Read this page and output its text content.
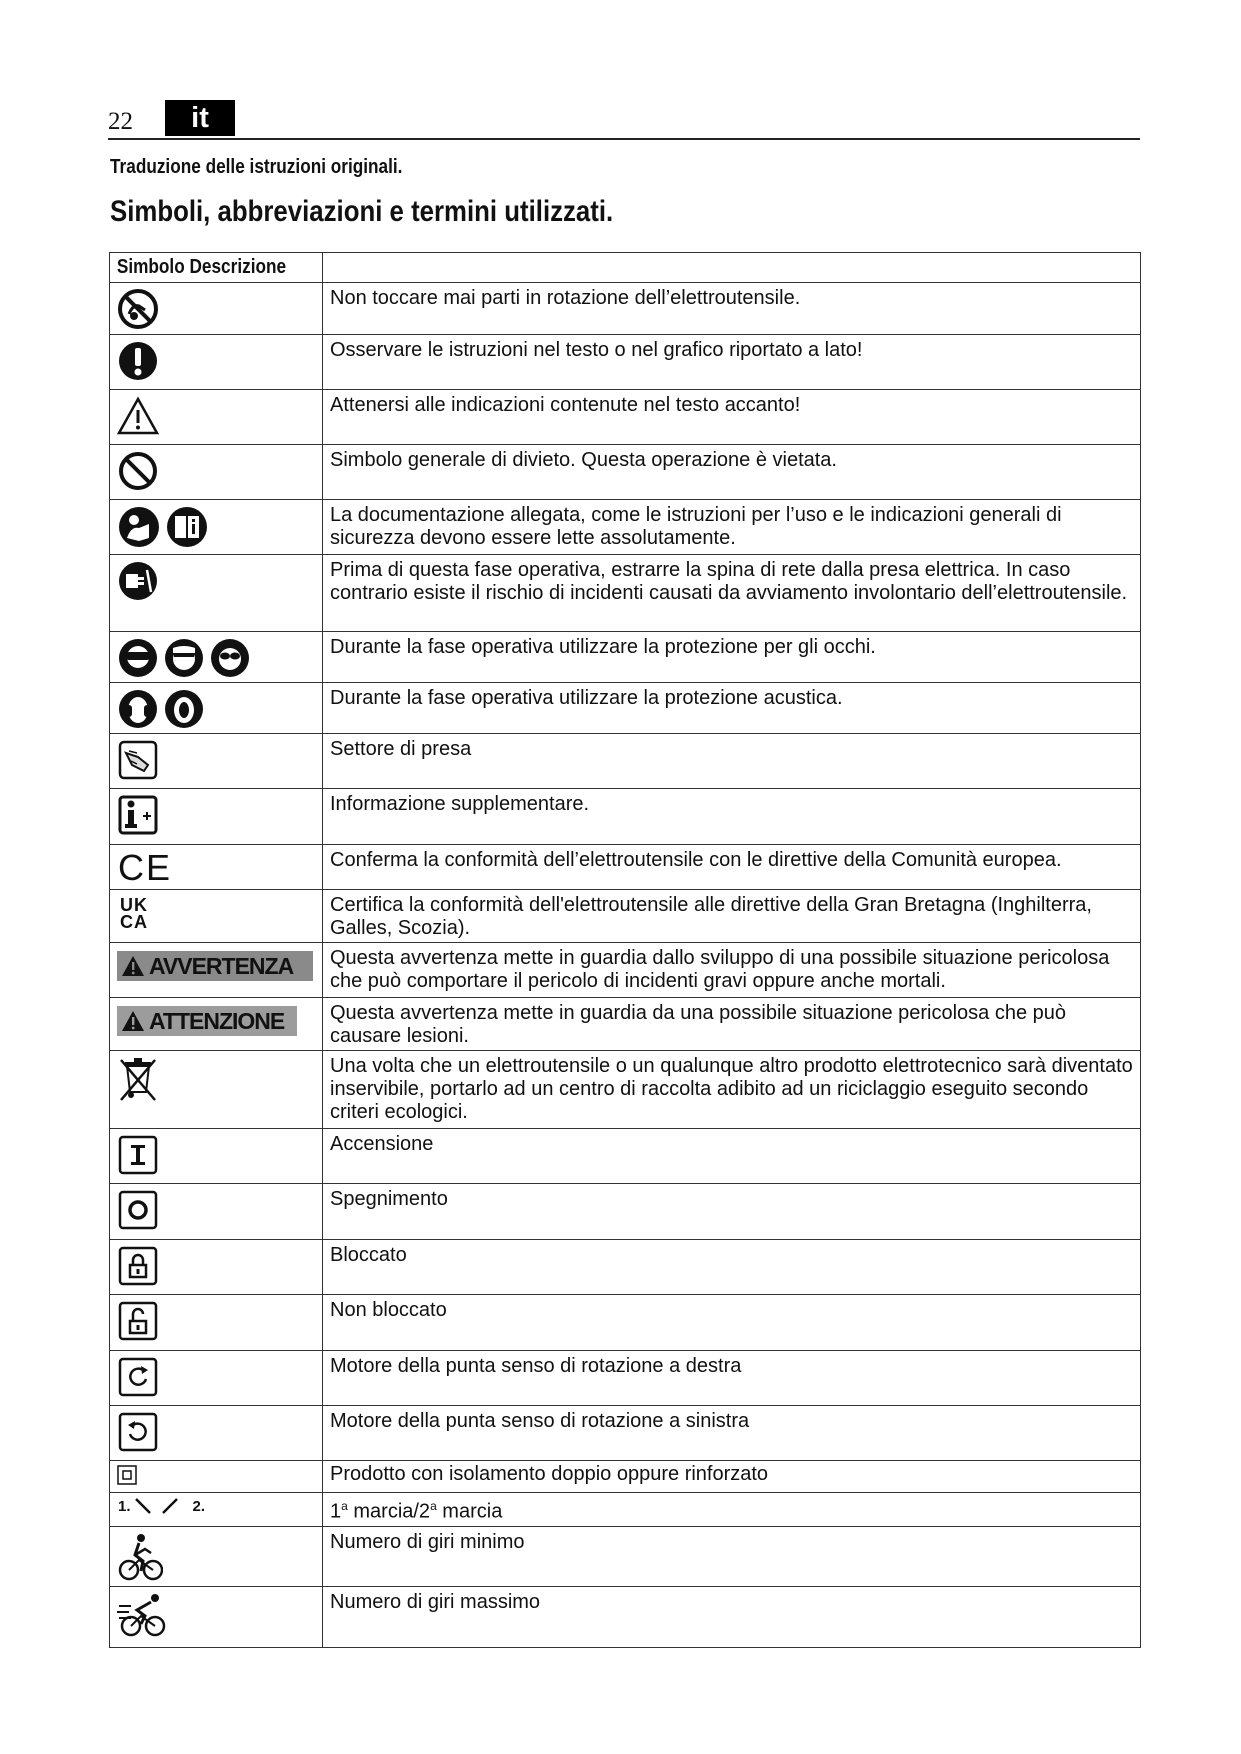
22	it
Traduzione delle istruzioni originali.
Simboli, abbreviazioni e termini utilizzati.
Simbolo Descrizione	

	Non toccare mai parti in rotazione dell’elettroutensile.

	Osservare le istruzioni nel testo o nel grafico riportato a lato!

	Attenersi alle indicazioni contenute nel testo accanto!

	Simbolo generale di divieto. Questa operazione è vietata.

	La documentazione allegata, come le istruzioni per l’uso e le indicazioni generali di sicurezza devono essere lette assolutamente.

	Prima di questa fase operativa, estrarre la spina di rete dalla presa elettrica. In caso contrario esiste il rischio di incidenti causati da avviamento involontario dell’elettroutensile.

	Durante la fase operativa utilizzare la protezione per gli occhi.

	Durante la fase operativa utilizzare la protezione acustica.

	Settore di presa

	Informazione supplementare.

CE	Conferma la conformità dell’elettroutensile con le direttive della Comunità europea.

UK
CA	Certifica la conformità dell'elettroutensile alle direttive della Gran Bretagna (Inghilterra, Galles, Scozia).

AVVERTENZA	Questa avvertenza mette in guardia dallo sviluppo di una possibile situazione pericolosa che può comportare il pericolo di incidenti gravi oppure anche mortali.

ATTENZIONE	Questa avvertenza mette in guardia da una possibile situazione pericolosa che può causare lesioni.

	Una volta che un elettroutensile o un qualunque altro prodotto elettrotecnico sarà diventato inservibile, portarlo ad un centro di raccolta adibito ad un riciclaggio eseguito secondo criteri ecologici.

	Accensione

	Spegnimento

	Bloccato

	Non bloccato

	Motore della punta senso di rotazione a destra

	Motore della punta senso di rotazione a sinistra

	Prodotto con isolamento doppio oppure rinforzato

1. 2.	1$^a$ marcia/2$^a$ marcia

	Numero di giri minimo

	Numero di giri massimo
